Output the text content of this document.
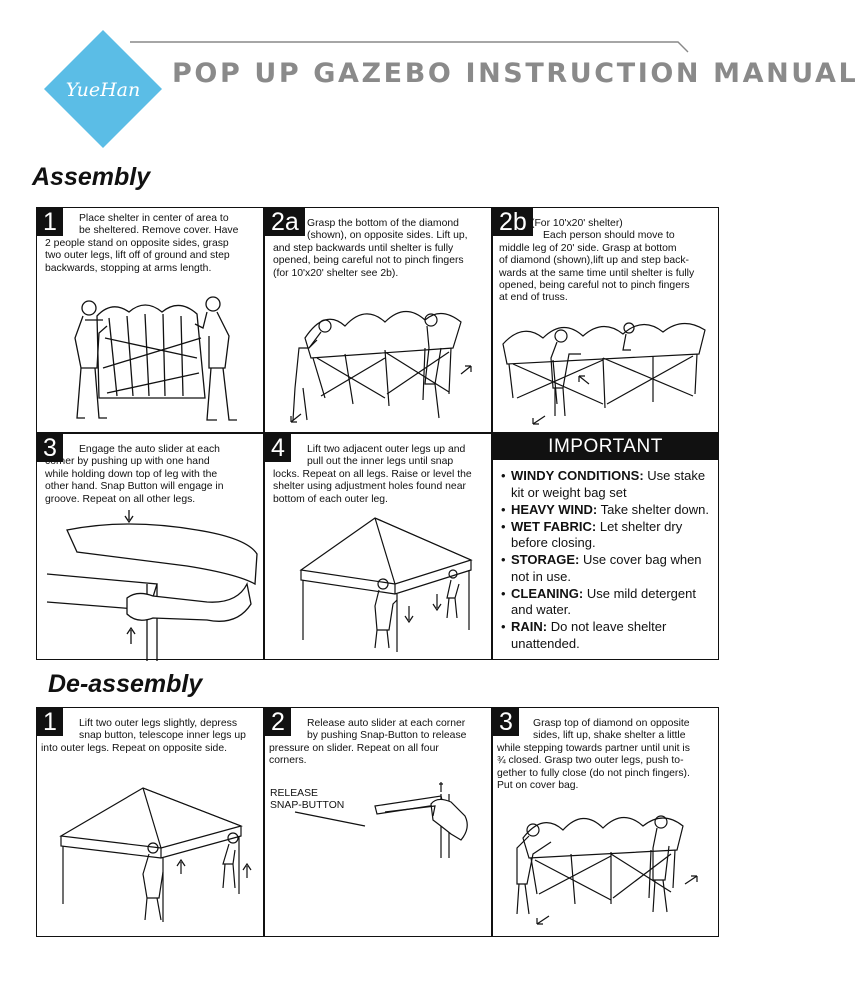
YueHan
POP UP GAZEBO INSTRUCTION MANUAL
Assembly
1	Place shelter in center of area to
be sheltered. Remove cover. Have
2 people stand on opposite sides, grasp
two outer legs, lift off of ground and step
backwards, stopping at arms length.
2a Grasp the bottom of the diamond
(shown), on opposite sides. Lift up,
and step backwards until shelter is fully
opened, being careful not to pinch fingers
(for 10'x20' shelter see 2b).
2b (For 10'x20' shelter)
Each person should move to
middle leg of 20' side. Grasp at bottom
of diamond (shown),lift up and step back-
wards at the same time until shelter is fully
opened, being careful not to pinch fingers
at end of truss.
3	Engage the auto slider at each
corner by pushing up with one hand
while holding down top of leg with the
other hand. Snap Button will engage in
groove. Repeat on all other legs.
4	Lift two adjacent outer legs up and
pull out the inner legs until snap
locks. Repeat on all legs. Raise or level the
shelter using adjustment holes found near
bottom of each outer leg.
IMPORTANT
• WINDY CONDITIONS: Use stake kit or weight bag set
• HEAVY WIND: Take shelter down.
• WET FABRIC: Let shelter dry before closing.
• STORAGE: Use cover bag when not in use.
• CLEANING: Use mild detergent and water.
• RAIN: Do not leave shelter unattended.
De-assembly
1	Lift two outer legs slightly, depress
snap button, telescope inner legs up
into outer legs. Repeat on opposite side.
2	Release auto slider at each corner
by pushing Snap-Button to release
pressure on slider. Repeat on all four
corners.
RELEASE
SNAP-BUTTON
3	Grasp top of diamond on opposite
sides, lift up, shake shelter a little
while stepping towards partner until unit is
¾ closed. Grasp two outer legs, push to-
gether to fully close (do not pinch fingers).
Put on cover bag.
